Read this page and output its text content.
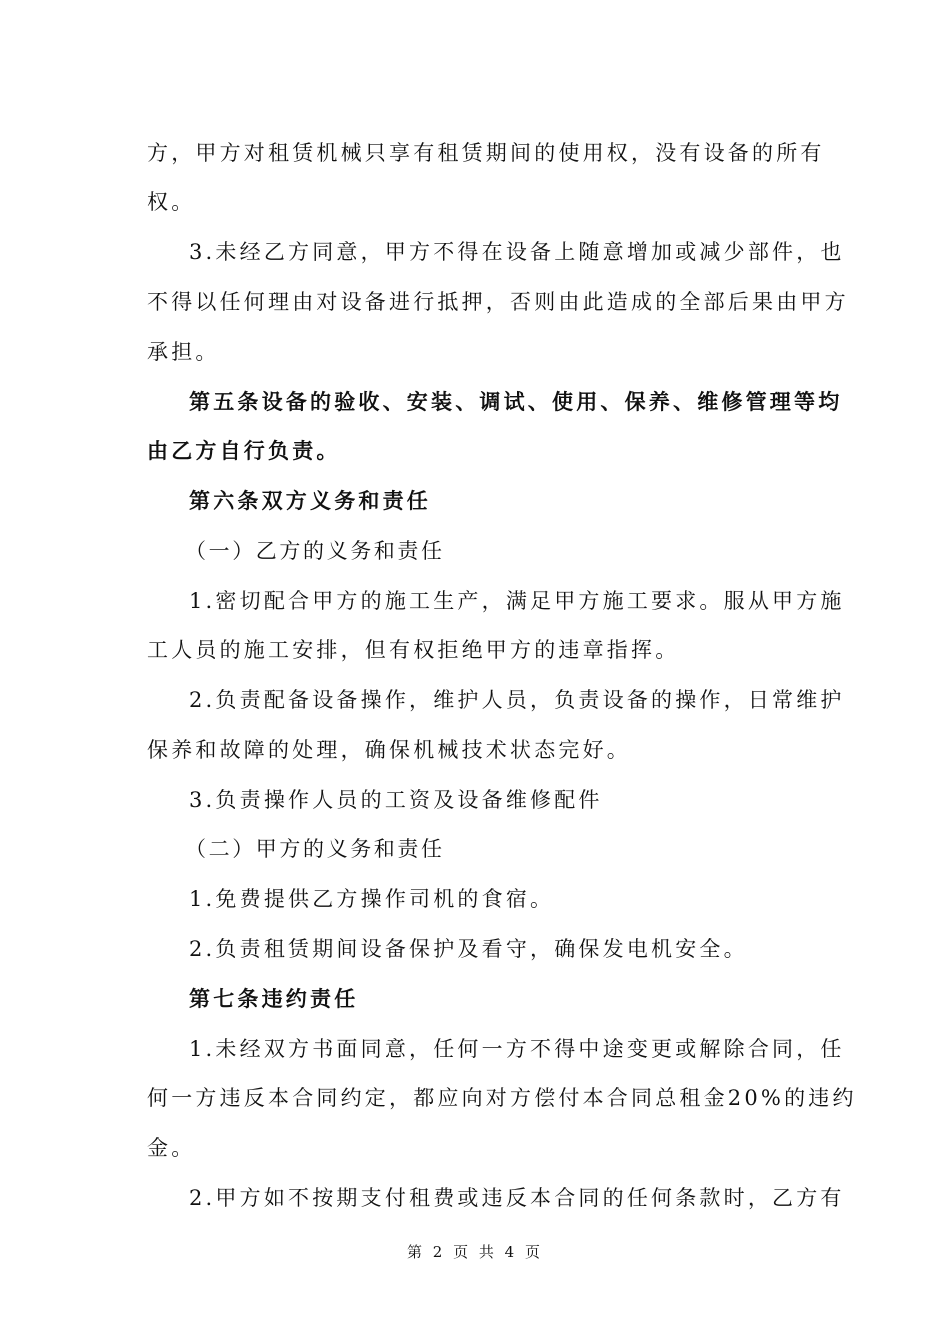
方，甲方对租赁机械只享有租赁期间的使用权，没有设备的所有
权。
3.未经乙方同意，甲方不得在设备上随意增加或减少部件，也
不得以任何理由对设备进行抵押，否则由此造成的全部后果由甲方
承担。
第五条设备的验收、安装、调试、使用、保养、维修管理等均
由乙方自行负责。
第六条双方义务和责任
（一）乙方的义务和责任
1.密切配合甲方的施工生产，满足甲方施工要求。服从甲方施
工人员的施工安排，但有权拒绝甲方的违章指挥。
2.负责配备设备操作，维护人员，负责设备的操作，日常维护
保养和故障的处理，确保机械技术状态完好。
3.负责操作人员的工资及设备维修配件
（二）甲方的义务和责任
1.免费提供乙方操作司机的食宿。
2.负责租赁期间设备保护及看守，确保发电机安全。
第七条违约责任
1.未经双方书面同意，任何一方不得中途变更或解除合同，任
何一方违反本合同约定，都应向对方偿付本合同总租金20%的违约
金。
2.甲方如不按期支付租费或违反本合同的任何条款时，乙方有
第 2 页 共 4 页
